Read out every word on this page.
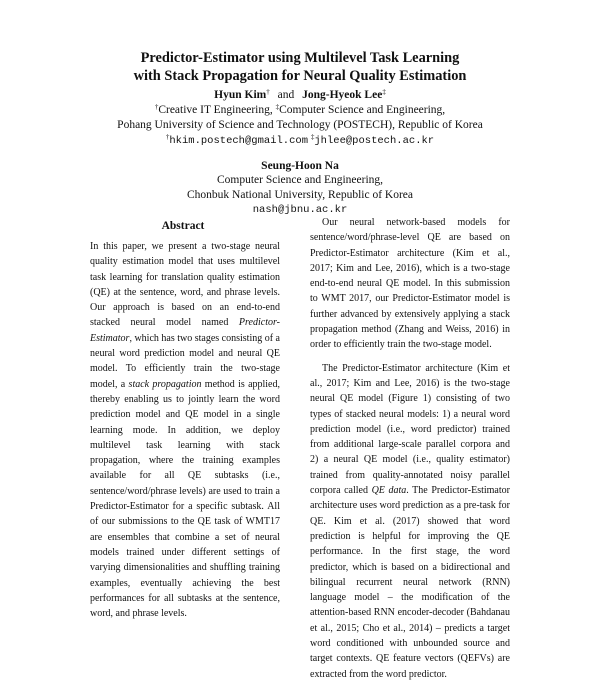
Predictor-Estimator using Multilevel Task Learning
with Stack Propagation for Neural Quality Estimation
Hyun Kim† and Jong-Hyeok Lee‡
†Creative IT Engineering, ‡Computer Science and Engineering,
Pohang University of Science and Technology (POSTECH), Republic of Korea
†hkim.postech@gmail.com ‡jhlee@postech.ac.kr
Seung-Hoon Na
Computer Science and Engineering,
Chonbuk National University, Republic of Korea
nash@jbnu.ac.kr
Abstract

In this paper, we present a two-stage neural quality estimation model that uses multilevel task learning for translation quality estimation (QE) at the sentence, word, and phrase levels. Our approach is based on an end-to-end stacked neural model named Predictor-Estimator, which has two stages consisting of a neural word prediction model and neural QE model. To efficiently train the two-stage model, a stack propagation method is applied, thereby enabling us to jointly learn the word prediction model and QE model in a single learning mode. In addition, we deploy multilevel task learning with stack propagation, where the training examples available for all QE subtasks (i.e., sentence/word/phrase levels) are used to train a Predictor-Estimator for a specific subtask. All of our submissions to the QE task of WMT17 are ensembles that combine a set of neural models trained under different settings of varying dimensionalities and shuffling training examples, eventually achieving the best performances for all subtasks at the sentence, word, and phrase levels.

Our neural network-based models for sentence/word/phrase-level QE are based on Predictor-Estimator architecture (Kim et al., 2017; Kim and Lee, 2016), which is a two-stage end-to-end neural QE model. In this submission to WMT 2017, our Predictor-Estimator model is further advanced by extensively applying a stack propagation method (Zhang and Weiss, 2016) in order to efficiently train the two-stage model.

The Predictor-Estimator architecture (Kim et al., 2017; Kim and Lee, 2016) is the two-stage neural QE model (Figure 1) consisting of two types of stacked neural models: 1) a neural word prediction model (i.e., word predictor) trained from additional large-scale parallel corpora and 2) a neural QE model (i.e., quality estimator) trained from quality-annotated noisy parallel corpora called QE data. The Predictor-Estimator architecture uses word prediction as a pre-task for QE. Kim et al. (2017) showed that word prediction is helpful for improving the QE performance. In the first stage, the word predictor, which is based on a bidirectional and bilingual recurrent neural network (RNN) language model – the modification of the attention-based RNN encoder-decoder (Bahdanau et al., 2015; Cho et al., 2014) – predicts a target word conditioned with unbounded source and target contexts. QE feature vectors (QEFVs) are extracted from the word predictor.
